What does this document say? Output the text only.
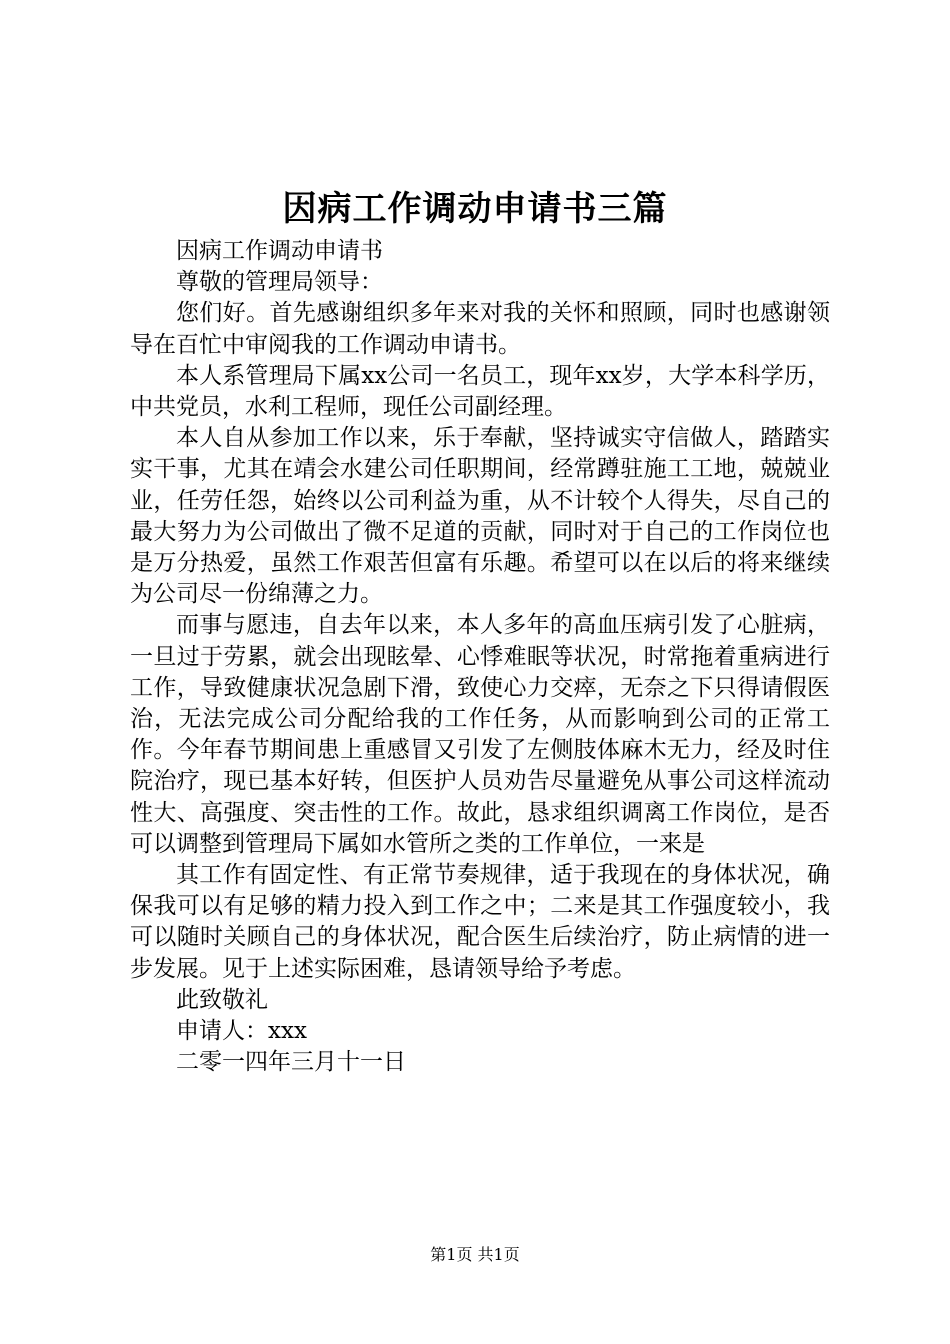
因病工作调动申请书三篇

因病工作调动申请书

尊敬的管理局领导：

您们好。首先感谢组织多年来对我的关怀和照顾，同时也感谢领导在百忙中审阅我的工作调动申请书。

本人系管理局下属xx公司一名员工，现年xx岁，大学本科学历，中共党员，水利工程师，现任公司副经理。

本人自从参加工作以来，乐于奉献，坚持诚实守信做人，踏踏实实干事，尤其在靖会水建公司任职期间，经常蹲驻施工工地，兢兢业业，任劳任怨，始终以公司利益为重，从不计较个人得失，尽自己的最大努力为公司做出了微不足道的贡献，同时对于自己的工作岗位也是万分热爱，虽然工作艰苦但富有乐趣。希望可以在以后的将来继续为公司尽一份绵薄之力。

而事与愿违，自去年以来，本人多年的高血压病引发了心脏病，一旦过于劳累，就会出现眩晕、心悸难眠等状况，时常拖着重病进行工作，导致健康状况急剧下滑，致使心力交瘁，无奈之下只得请假医治，无法完成公司分配给我的工作任务，从而影响到公司的正常工作。今年春节期间患上重感冒又引发了左侧肢体麻木无力，经及时住院治疗，现已基本好转，但医护人员劝告尽量避免从事公司这样流动性大、高强度、突击性的工作。故此，恳求组织调离工作岗位，是否可以调整到管理局下属如水管所之类的工作单位，一来是

其工作有固定性、有正常节奏规律，适于我现在的身体状况，确保我可以有足够的精力投入到工作之中；二来是其工作强度较小，我可以随时关顾自己的身体状况，配合医生后续治疗，防止病情的进一步发展。见于上述实际困难，恳请领导给予考虑。

此致敬礼

申请人：xxx

二零一四年三月十一日

第1页 共1页
